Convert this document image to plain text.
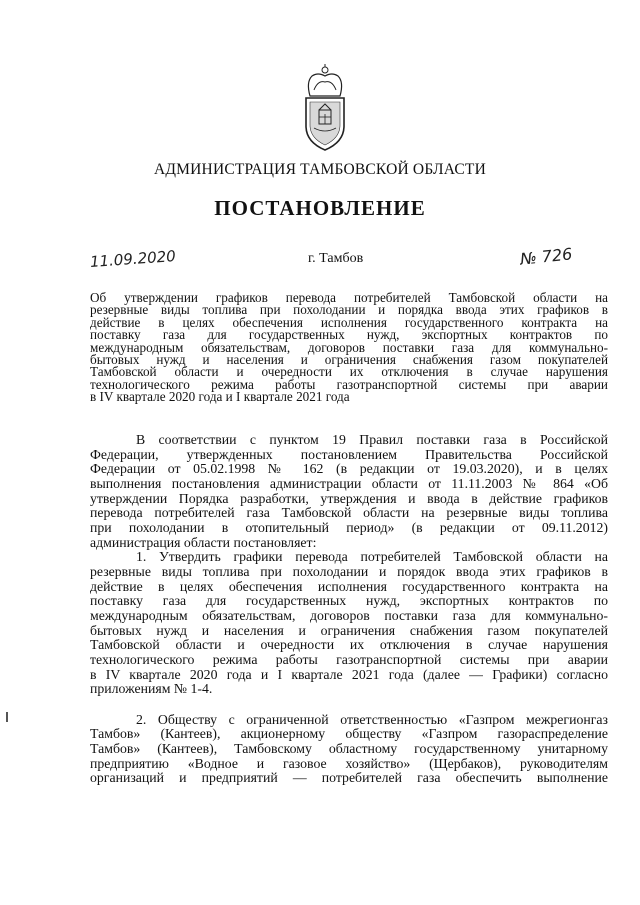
АДМИНИСТРАЦИЯ ТАМБОВСКОЙ ОБЛАСТИ
ПОСТАНОВЛЕНИЕ
11.09.2020	г. Тамбов	№ 726
Об утверждении графиков перевода потребителей Тамбовской области на
резервные виды топлива при похолодании и порядка ввода этих графиков в
действие в целях обеспечения исполнения государственного контракта на
поставку газа для государственных нужд, экспортных контрактов по
международным обязательствам, договоров поставки газа для коммунально-
бытовых нужд и населения и ограничения снабжения газом покупателей
Тамбовской области и очередности их отключения в случае нарушения
технологического режима работы газотранспортной системы при аварии
в IV квартале 2020 года и I квартале 2021 года
В соответствии с пунктом 19 Правил поставки газа в Российской
Федерации, утвержденных постановлением Правительства Российской
Федерации от 05.02.1998 № 162 (в редакции от 19.03.2020), и в целях
выполнения постановления администрации области от 11.11.2003 № 864 «Об
утверждении Порядка разработки, утверждения и ввода в действие графиков
перевода потребителей газа Тамбовской области на резервные виды топлива
при похолодании в отопительный период» (в редакции от 09.11.2012)
администрация области постановляет:
1. Утвердить графики перевода потребителей Тамбовской области на
резервные виды топлива при похолодании и порядок ввода этих графиков в
действие в целях обеспечения исполнения государственного контракта на
поставку газа для государственных нужд, экспортных контрактов по
международным обязательствам, договоров поставки газа для коммунально-
бытовых нужд и населения и ограничения снабжения газом покупателей
Тамбовской области и очередности их отключения в случае нарушения
технологического режима работы газотранспортной системы при аварии
в IV квартале 2020 года и I квартале 2021 года (далее — Графики) согласно
приложениям № 1-4.
2. Обществу с ограниченной ответственностью «Газпром межрегионгаз
Тамбов» (Кантеев), акционерному обществу «Газпром газораспределение
Тамбов» (Кантеев), Тамбовскому областному государственному унитарному
предприятию «Водное и газовое хозяйство» (Щербаков), руководителям
организаций и предприятий — потребителей газа обеспечить выполнение
